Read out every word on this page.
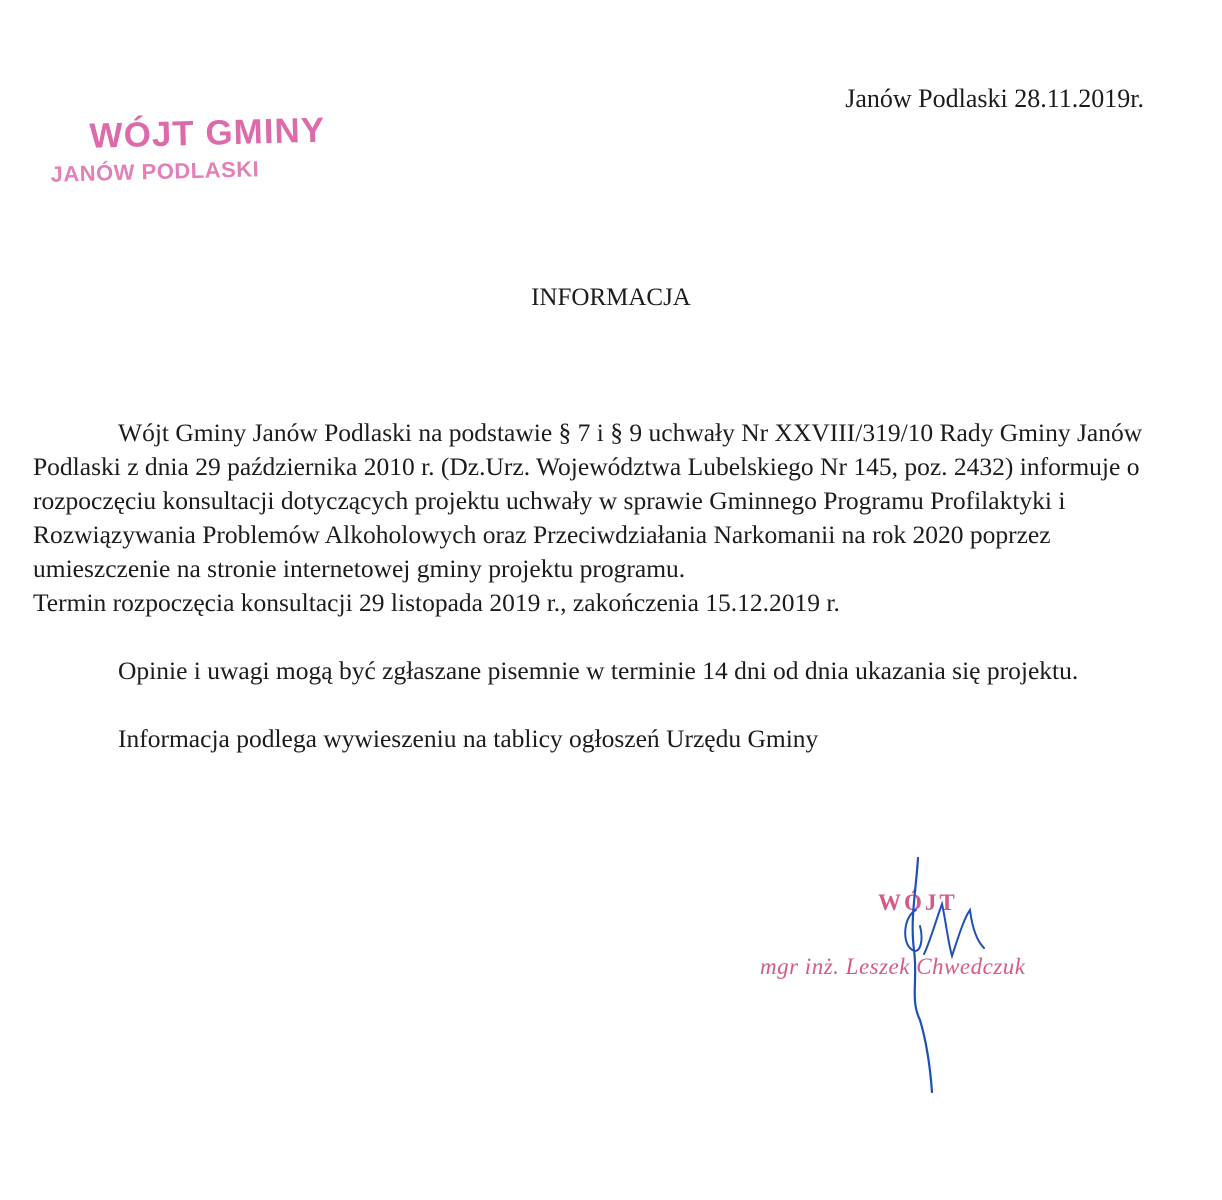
WÓJT GMINY
JANÓW PODLASKI
Janów Podlaski 28.11.2019r.
INFORMACJA

Wójt Gminy Janów Podlaski na podstawie § 7 i § 9 uchwały Nr XXVIII/319/10 Rady Gminy Janów Podlaski z dnia 29 października 2010 r. (Dz.Urz. Województwa Lubelskiego Nr 145, poz. 2432) informuje o rozpoczęciu konsultacji dotyczących projektu uchwały w sprawie Gminnego Programu Profilaktyki i Rozwiązywania Problemów Alkoholowych oraz Przeciwdziałania Narkomanii na rok 2020 poprzez umieszczenie na stronie internetowej gminy projektu programu.

Termin rozpoczęcia konsultacji 29 listopada 2019 r., zakończenia 15.12.2019 r.

Opinie i uwagi mogą być zgłaszane pisemnie w terminie 14 dni od dnia ukazania się projektu.

Informacja podlega wywieszeniu na tablicy ogłoszeń Urzędu Gminy

WÓJT
mgr inż. Leszek Chwedczuk
